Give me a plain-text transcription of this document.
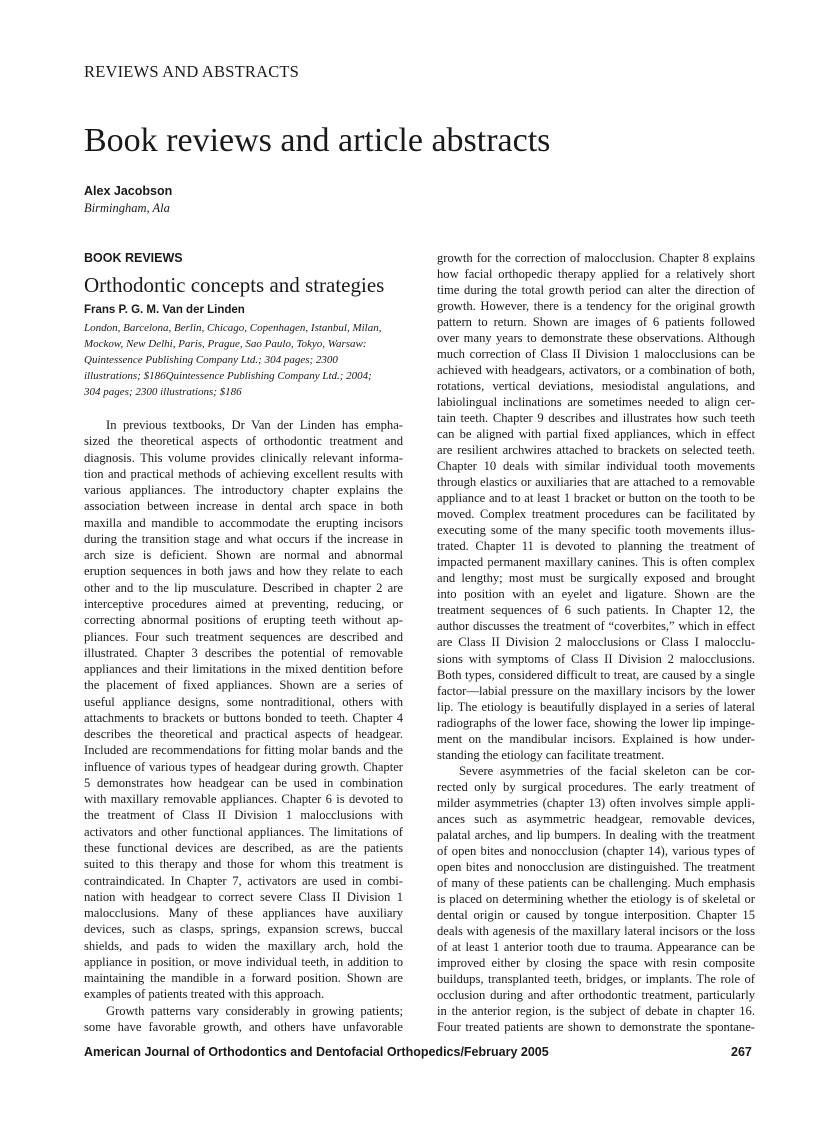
REVIEWS AND ABSTRACTS
Book reviews and article abstracts
Alex Jacobson
Birmingham, Ala
BOOK REVIEWS
Orthodontic concepts and strategies
Frans P. G. M. Van der Linden
London, Barcelona, Berlin, Chicago, Copenhagen, Istanbul, Milan,
Mockow, New Delhi, Paris, Prague, Sao Paulo, Tokyo, Warsaw:
Quintessence Publishing Company Ltd.; 304 pages; 2300
illustrations; $186Quintessence Publishing Company Ltd.; 2004;
304 pages; 2300 illustrations; $186
In previous textbooks, Dr Van der Linden has empha-
sized the theoretical aspects of orthodontic treatment and
diagnosis. This volume provides clinically relevant informa-
tion and practical methods of achieving excellent results with
various appliances. The introductory chapter explains the
association between increase in dental arch space in both
maxilla and mandible to accommodate the erupting incisors
during the transition stage and what occurs if the increase in
arch size is deficient. Shown are normal and abnormal
eruption sequences in both jaws and how they relate to each
other and to the lip musculature. Described in chapter 2 are
interceptive procedures aimed at preventing, reducing, or
correcting abnormal positions of erupting teeth without ap-
pliances. Four such treatment sequences are described and
illustrated. Chapter 3 describes the potential of removable
appliances and their limitations in the mixed dentition before
the placement of fixed appliances. Shown are a series of
useful appliance designs, some nontraditional, others with
attachments to brackets or buttons bonded to teeth. Chapter 4
describes the theoretical and practical aspects of headgear.
Included are recommendations for fitting molar bands and the
influence of various types of headgear during growth. Chapter
5 demonstrates how headgear can be used in combination
with maxillary removable appliances. Chapter 6 is devoted to
the treatment of Class II Division 1 malocclusions with
activators and other functional appliances. The limitations of
these functional devices are described, as are the patients
suited to this therapy and those for whom this treatment is
contraindicated. In Chapter 7, activators are used in combi-
nation with headgear to correct severe Class II Division 1
malocclusions. Many of these appliances have auxiliary
devices, such as clasps, springs, expansion screws, buccal
shields, and pads to widen the maxillary arch, hold the
appliance in position, or move individual teeth, in addition to
maintaining the mandible in a forward position. Shown are
examples of patients treated with this approach.
Growth patterns vary considerably in growing patients;
some have favorable growth, and others have unfavorable
growth for the correction of malocclusion. Chapter 8 explains
how facial orthopedic therapy applied for a relatively short
time during the total growth period can alter the direction of
growth. However, there is a tendency for the original growth
pattern to return. Shown are images of 6 patients followed
over many years to demonstrate these observations. Although
much correction of Class II Division 1 malocclusions can be
achieved with headgears, activators, or a combination of both,
rotations, vertical deviations, mesiodistal angulations, and
labiolingual inclinations are sometimes needed to align cer-
tain teeth. Chapter 9 describes and illustrates how such teeth
can be aligned with partial fixed appliances, which in effect
are resilient archwires attached to brackets on selected teeth.
Chapter 10 deals with similar individual tooth movements
through elastics or auxiliaries that are attached to a removable
appliance and to at least 1 bracket or button on the tooth to be
moved. Complex treatment procedures can be facilitated by
executing some of the many specific tooth movements illus-
trated. Chapter 11 is devoted to planning the treatment of
impacted permanent maxillary canines. This is often complex
and lengthy; most must be surgically exposed and brought
into position with an eyelet and ligature. Shown are the
treatment sequences of 6 such patients. In Chapter 12, the
author discusses the treatment of “coverbites,” which in effect
are Class II Division 2 malocclusions or Class I malocclu-
sions with symptoms of Class II Division 2 malocclusions.
Both types, considered difficult to treat, are caused by a single
factor—labial pressure on the maxillary incisors by the lower
lip. The etiology is beautifully displayed in a series of lateral
radiographs of the lower face, showing the lower lip impinge-
ment on the mandibular incisors. Explained is how under-
standing the etiology can facilitate treatment.
Severe asymmetries of the facial skeleton can be cor-
rected only by surgical procedures. The early treatment of
milder asymmetries (chapter 13) often involves simple appli-
ances such as asymmetric headgear, removable devices,
palatal arches, and lip bumpers. In dealing with the treatment
of open bites and nonocclusion (chapter 14), various types of
open bites and nonocclusion are distinguished. The treatment
of many of these patients can be challenging. Much emphasis
is placed on determining whether the etiology is of skeletal or
dental origin or caused by tongue interposition. Chapter 15
deals with agenesis of the maxillary lateral incisors or the loss
of at least 1 anterior tooth due to trauma. Appearance can be
improved either by closing the space with resin composite
buildups, transplanted teeth, bridges, or implants. The role of
occlusion during and after orthodontic treatment, particularly
in the anterior region, is the subject of debate in chapter 16.
Four treated patients are shown to demonstrate the spontane-
American Journal of Orthodontics and Dentofacial Orthopedics/February 2005	267
